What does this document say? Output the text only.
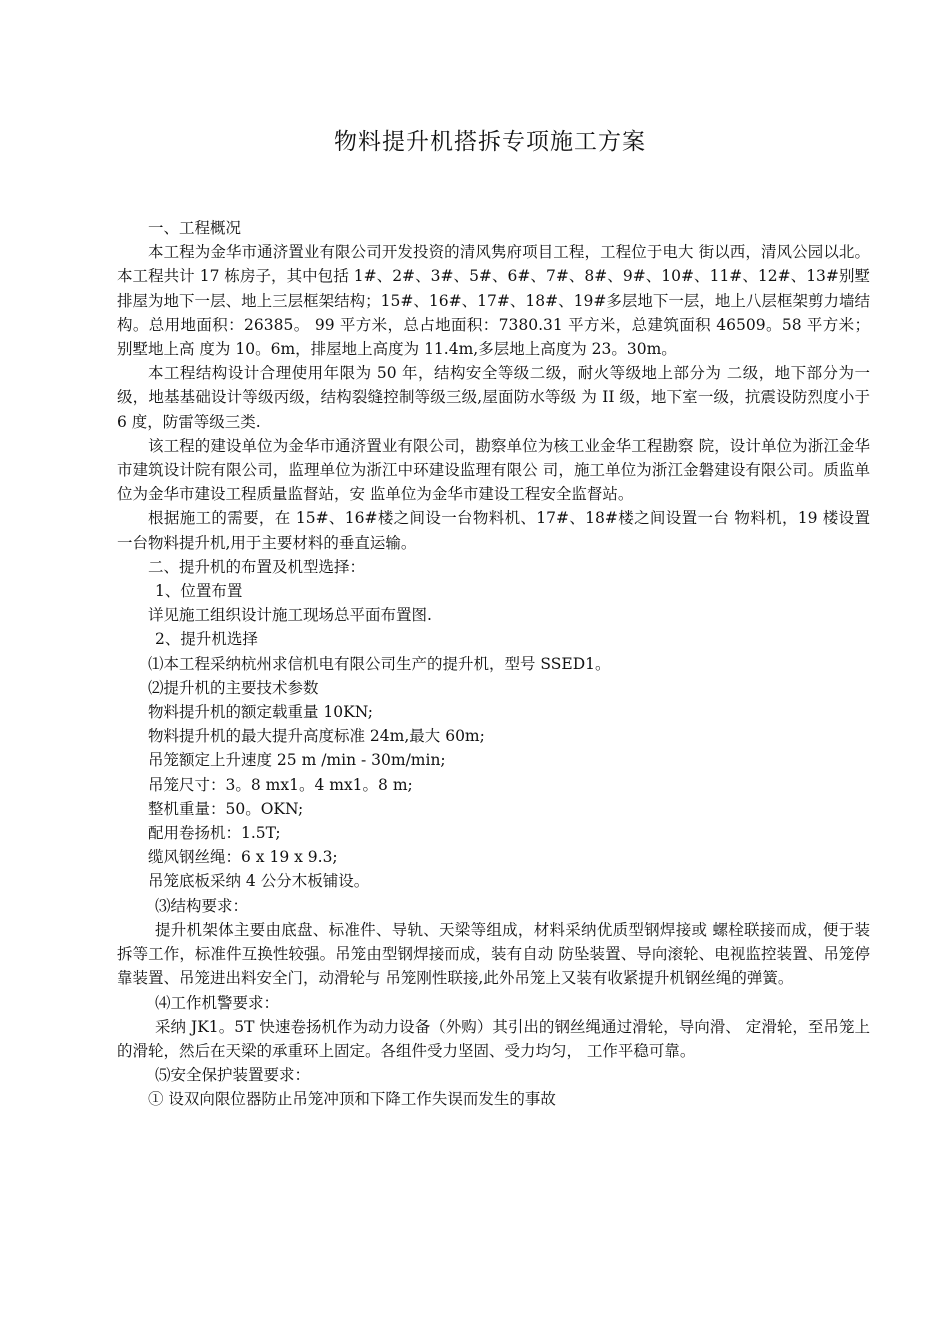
物料提升机搭拆专项施工方案

一、工程概况

本工程为金华市通济置业有限公司开发投资的清风隽府项目工程，工程位于电大 街以西，清风公园以北。本工程共计 17 栋房子，其中包括 1#、2#、3#、5#、6#、7#、8#、9#、10#、11#、12#、13#别墅排屋为地下一层、地上三层框架结构；15#、16#、17#、18#、19#多层地下一层，地上八层框架剪力墙结构。总用地面积：26385。 99 平方米，总占地面积：7380.31 平方米，总建筑面积 46509。58 平方米；别墅地上高 度为 10。6m，排屋地上高度为 11.4m,多层地上高度为 23。30m。

本工程结构设计合理使用年限为 50 年，结构安全等级二级，耐火等级地上部分为 二级，地下部分为一级，地基基础设计等级丙级，结构裂缝控制等级三级,屋面防水等级 为 II 级，地下室一级，抗震设防烈度小于 6 度，防雷等级三类.

该工程的建设单位为金华市通济置业有限公司，勘察单位为核工业金华工程勘察 院，设计单位为浙江金华市建筑设计院有限公司，监理单位为浙江中环建设监理有限公 司，施工单位为浙江金磐建设有限公司。质监单位为金华市建设工程质量监督站，安 监单位为金华市建设工程安全监督站。

根据施工的需要，在 15#、16#楼之间设一台物料机、17#、18#楼之间设置一台 物料机，19 楼设置一台物料提升机,用于主要材料的垂直运输。

二、提升机的布置及机型选择：

1、位置布置

详见施工组织设计施工现场总平面布置图.

2、提升机选择

⑴本工程采纳杭州求信机电有限公司生产的提升机，型号 SSED1。

⑵提升机的主要技术参数

物料提升机的额定载重量 10KN;

物料提升机的最大提升高度标准 24m,最大 60m;

吊笼额定上升速度 25 m /min - 30m/min;

吊笼尺寸：3。8 mx1。4 mx1。8 m;

整机重量：50。OKN;

配用卷扬机：1.5T;

缆风钢丝绳：6 x 19 x 9.3;

吊笼底板采纳 4 公分木板铺设。

⑶结构要求：

提升机架体主要由底盘、标准件、导轨、天梁等组成，材料采纳优质型钢焊接或 螺栓联接而成，便于装拆等工作，标准件互换性较强。吊笼由型钢焊接而成，装有自动 防坠装置、导向滚轮、电视监控装置、吊笼停靠装置、吊笼进出料安全门，动滑轮与 吊笼刚性联接,此外吊笼上又装有收紧提升机钢丝绳的弹簧。

⑷工作机警要求：

采纳 JK1。5T 快速卷扬机作为动力设备（外购）其引出的钢丝绳通过滑轮，导向滑、 定滑轮，至吊笼上的滑轮，然后在天梁的承重环上固定。各组件受力坚固、受力均匀， 工作平稳可靠。

⑸安全保护装置要求：

① 设双向限位器防止吊笼冲顶和下降工作失误而发生的事故
